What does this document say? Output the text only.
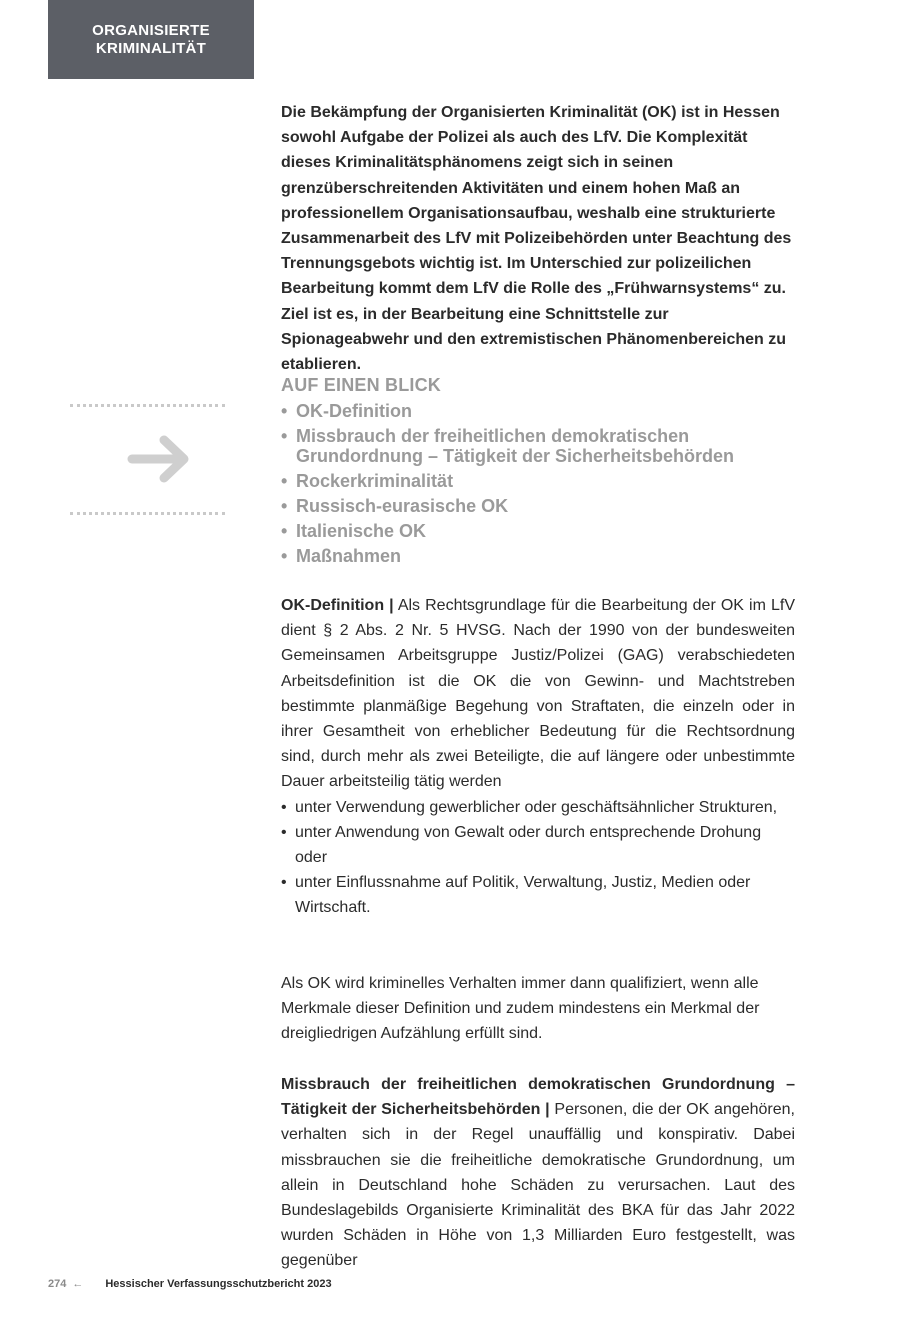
ORGANISIERTE
KRIMINALITÄT

Die Bekämpfung der Organisierten Kriminalität (OK) ist in Hessen sowohl Aufgabe der Polizei als auch des LfV. Die Komplexität dieses Kriminalitätsphänomens zeigt sich in seinen grenzüberschreitenden Aktivitäten und einem hohen Maß an professionellem Organisationsaufbau, weshalb eine strukturierte Zusammenarbeit des LfV mit Polizeibehörden unter Beachtung des Trennungsgebots wichtig ist. Im Unterschied zur polizeilichen Bearbeitung kommt dem LfV die Rolle des „Frühwarnsystems“ zu. Ziel ist es, in der Bearbeitung eine Schnittstelle zur Spionageabwehr und den extremistischen Phänomenbereichen zu etablieren.

AUF EINEN BLICK

• OK-Definition
• Missbrauch der freiheitlichen demokratischen Grundordnung – Tätigkeit der Sicherheitsbehörden
• Rockerkriminalität
• Russisch-eurasische OK
• Italienische OK
• Maßnahmen

OK-Definition | Als Rechtsgrundlage für die Bearbeitung der OK im LfV dient § 2 Abs. 2 Nr. 5 HVSG. Nach der 1990 von der bundesweiten Gemeinsamen Arbeitsgruppe Justiz/Polizei (GAG) verabschiedeten Arbeitsdefinition ist die OK die von Gewinn- und Machtstreben bestimmte planmäßige Begehung von Straftaten, die einzeln oder in ihrer Gesamtheit von erheblicher Bedeutung für die Rechtsordnung sind, durch mehr als zwei Beteiligte, die auf längere oder unbestimmte Dauer arbeitsteilig tätig werden

• unter Verwendung gewerblicher oder geschäftsähnlicher Strukturen,
• unter Anwendung von Gewalt oder durch entsprechende Drohung oder
• unter Einflussnahme auf Politik, Verwaltung, Justiz, Medien oder Wirtschaft.

Als OK wird kriminelles Verhalten immer dann qualifiziert, wenn alle Merkmale dieser Definition und zudem mindestens ein Merkmal der dreigliedrigen Aufzählung erfüllt sind.

Missbrauch der freiheitlichen demokratischen Grundordnung – Tätigkeit der Sicherheitsbehörden | Personen, die der OK angehören, verhalten sich in der Regel unauffällig und konspirativ. Dabei missbrauchen sie die freiheitliche demokratische Grundordnung, um allein in Deutschland hohe Schäden zu verursachen. Laut des Bundeslagebilds Organisierte Kriminalität des BKA für das Jahr 2022 wurden Schäden in Höhe von 1,3 Milliarden Euro festgestellt, was gegenüber

274 ← Hessischer Verfassungsschutzbericht 2023
